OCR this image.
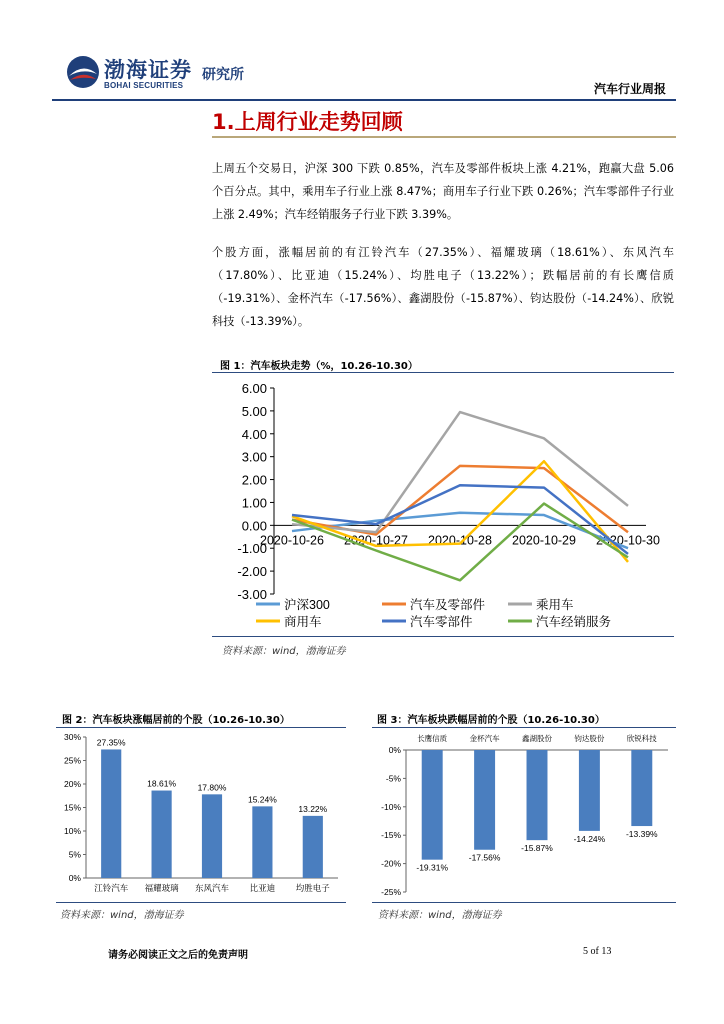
渤海证券
BOHAI SECURITIES
研究所
汽车行业周报
1.上周行业走势回顾
上周五个交易日，沪深 300 下跌 0.85%，汽车及零部件板块上涨 4.21%，跑赢大盘 5.06 个百分点。其中，乘用车子行业上涨 8.47%；商用车子行业下跌 0.26%；汽车零部件子行业上涨 2.49%；汽车经销服务子行业下跌 3.39%。
个股方面，涨幅居前的有江铃汽车（27.35%）、福耀玻璃（18.61%）、东风汽车（17.80%）、比亚迪（15.24%）、均胜电子（13.22%）；跌幅居前的有长鹰信质（-19.31%）、金杯汽车（-17.56%）、鑫湖股份（-15.87%）、钧达股份（-14.24%）、欣锐科技（-13.39%）。
图 1：汽车板块走势（%，10.26-10.30）
6.00
5.00
4.00
3.00
2.00
1.00
0.00
-1.00
-2.00
-3.00
2020-10-26 2020-10-27 2020-10-28 2020-10-29 2020-10-30
沪深300	汽车及零部件	乘用车
商用车	汽车零部件	汽车经销服务
资料来源：wind，渤海证券
图 2：汽车板块涨幅居前的个股（10.26-10.30）
30%
25%
20%
15%
10%
5%
0%
27.35%
江铃汽车
18.61%
福耀玻璃
17.80%
东风汽车
15.24%
比亚迪
13.22%
均胜电子
资料来源：wind，渤海证券
图 3：汽车板块跌幅居前的个股（10.26-10.30）
0%
-5%
-10%
-15%
-20%
-25%
-19.31%
长鹰信质
-17.56%
金杯汽车
-15.87%
鑫湖股份
-14.24%
钧达股份
-13.39%
欣锐科技
资料来源：wind，渤海证券
请务必阅读正文之后的免责声明	5 of 13
